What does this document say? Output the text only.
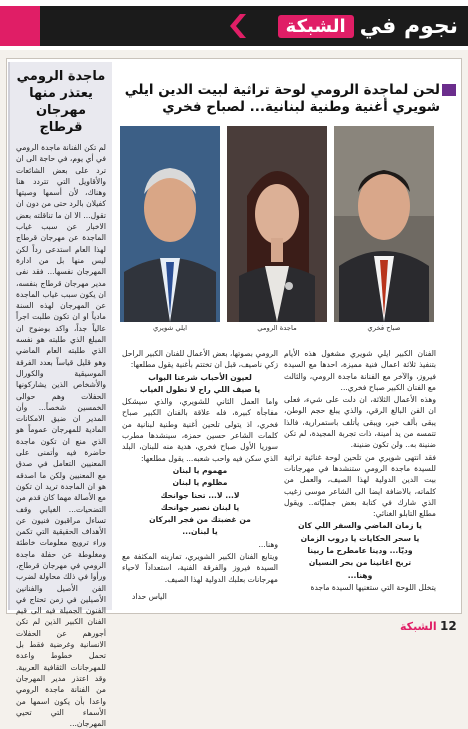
نجوم في
الشبكة
ماجدة الرومي يعتذر منها مهرجان قرطاج

لم تكن الفنانة ماجدة الرومي في أي يوم، في حاجة الى ان ترد على بعض الشائعات والأقاويل التي تتردد هنا وهناك، لأن أسمها وصيتها كفيلان بالرد حتى من دون ان تقول... الا ان ما تناقلته بعض الاخبار عن سبب غياب الماجدة عن مهرجان قرطاج لهذا العام استدعى رداً لكن ليس منها بل من ادارة المهرجان نفسها... فقد نفى مدير مهرجان قرطاج بنفسه، ان يكون سبب غياب الماجدة عن المهرجان لهذه السنة مادياً او ان تكون طلبت اجراً عالياً جداً، واكد بوضوح ان المبلغ الذي طلبته هو نفسه الذي طلبته العام الماضي وهو قليل قياساً بعدد الفرقة الموسيقية والكورال والأشخاص الذين يشاركونها الحفلات وهم حوالى الخمسين شخصاً... وأن المدير ان ضيق الامكانات المادية للمهرجان عموماً هو الذي منع ان تكون ماجدة حاضرة فيه وأتمنى على المعنيين التعامل في صدق مع المعنيين ولكن ما اصدقه هو ان الماجدة تريد ان تكون مع الأصالة مهما كان قدم من التضحيات... الغيابي وقف تساءل مراقبون فنيون عن الأهداف الحقيقية التي تكمن وراء ترويج معلومات خاطئة ومغلوطة عن حفلة ماجدة الرومي في مهرجان قرطاج، ورأوا في ذلك محاولة لضرب الفن الأصيل والفنانين الأصيلين في زمن تحتاج في الفنون الجميلة فيه الى قيم الفنان الكبير الذين لم تكن أجورهم عن الحفلات الانسانية وغرضية فقط بل تحمل خطوط واعدة للمهرجانات الثقافية العربية. وقد اعتذر مدير المهرجان من الفنانة ماجدة الرومي واعدا بأن يكون اسمها من الأسماء التي تحيي المهرجان...

لحن لماجدة الرومي لوحة تراثية لبيت الدين ايلي شويري أغنية وطنية لبنانية... لصباح فخري
صباح فخري
ماجدة الرومي
ايلي شويري

الفنان الكبير ايلي شويري مشغول هذه الأيام بتنفيذ ثلاثة اعمال فنية مميزة، احدها مع السيدة فيروز، والآخر مع الفنانة ماجدة الرومي، والثالث مع الفنان الكبير صباح فخري...

وهذه الأعمال الثلاثة، ان دلت على شيء، فعلى ان الفن البالغ الرقي، والذي يبلغ حجم الوطن، يبقى بألف خير، ويبقى يأتلف باستمرارية، فالذا تتمسه من يد أمينة، ذات تجربة المجيدة، لم تكن ضنينة به.. ولن تكون ضنينة.

فقد انتهى شويري من تلحين لوحة غنائية تراثية للسيدة ماجدة الرومي ستنشدها في مهرجانات بيت الدين الدولية لهذا الصيف، والعمل من كلماته، بالاضافة ايضا الى الشاعر موسى زغيب الذي شارك في كتابة بعض جمليّاته.. ويقول مطلع التابلو الغنائي:

يا زمان الماضي والسفر اللي كان

يا سحر الحكايات يا دروب الزمان

وديّا... ودينا عامطرح ما ربينا

تربح اغانينا من بحر النسيان

وهنا...

يتخلل اللوحة التي ستغنيها السيدة ماجدة

الرومي بصوتها، بعض الأعمال للفنان الكبير الراحل زكي ناصيف، قبل ان تختتم بأغنية يقول مطلعها:

لعيون الأحباب شرعنا البواب

يا صيف اللي راح لا تطول الغياب

واما العمل الثاني للشويري، والذي سيشكل مفاجأة كبيرة، فله علاقة بالفنان الكبير صباح فخري، اذ يتولى تلحين أغنية وطنية لبنانية من كلمات الشاعر حسين حمزة، سينشدها مطرب سوريا الأول صباح فخري، هدية منه للبنان، البلد الذي سكن فيه واحب شعبه... يقول مطلعها:

مهموم يا لبنان

مظلوم يا لبنان

لا... لا... تحنا جوانحك

يا لبنان نصير جوانحك

من غضبتك من فجر البركان

يا لبنان...

وهنا...

ويتابع الفنان الكبير الشويري، تمارينه المكثفة مع السيدة فيروز والفرقة الفنية، استعداداً لاحياء مهرجانات بعلبك الدولية لهذا الصيف.

الياس حداد
الشبكة 12
